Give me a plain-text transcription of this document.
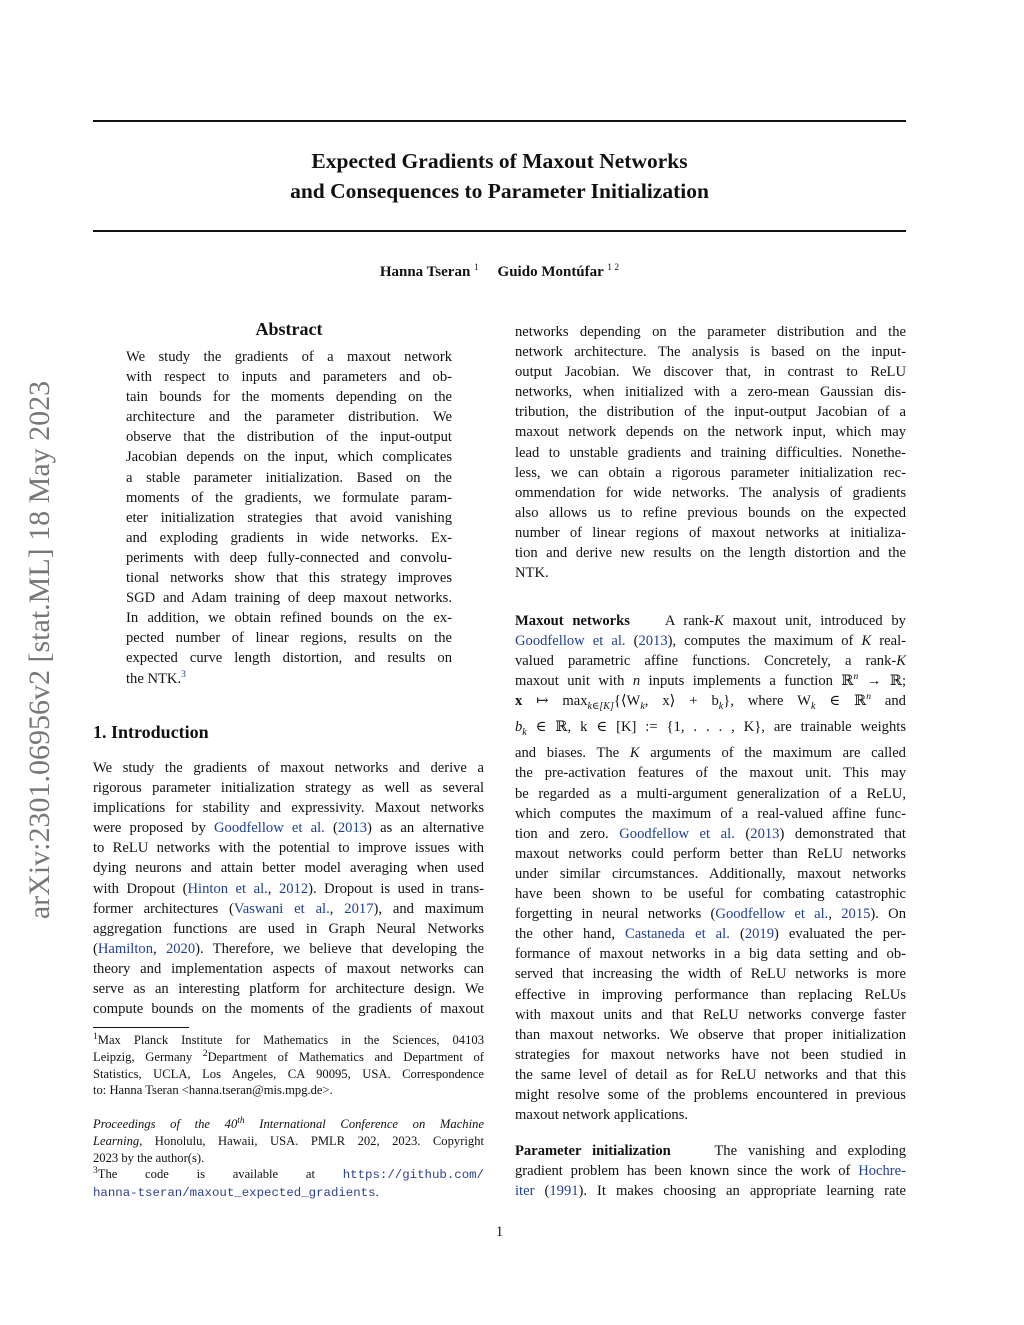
arXiv:2301.06956v2 [stat.ML] 18 May 2023
Expected Gradients of Maxout Networks
and Consequences to Parameter Initialization
Hanna Tseran $^1$ Guido Montúfar $^{1 2}$
Abstract
We study the gradients of a maxout network
with respect to inputs and parameters and ob-
tain bounds for the moments depending on the
architecture and the parameter distribution. We
observe that the distribution of the input-output
Jacobian depends on the input, which complicates
a stable parameter initialization. Based on the
moments of the gradients, we formulate param-
eter initialization strategies that avoid vanishing
and exploding gradients in wide networks. Ex-
periments with deep fully-connected and convolu-
tional networks show that this strategy improves
SGD and Adam training of deep maxout networks.
In addition, we obtain refined bounds on the ex-
pected number of linear regions, results on the
expected curve length distortion, and results on
the NTK.$^3$
1. Introduction
We study the gradients of maxout networks and derive a
rigorous parameter initialization strategy as well as several
implications for stability and expressivity. Maxout networks
were proposed by Goodfellow et al. (2013) as an alternative
to ReLU networks with the potential to improve issues with
dying neurons and attain better model averaging when used
with Dropout (Hinton et al., 2012). Dropout is used in trans-
former architectures (Vaswani et al., 2017), and maximum
aggregation functions are used in Graph Neural Networks
(Hamilton, 2020). Therefore, we believe that developing the
theory and implementation aspects of maxout networks can
serve as an interesting platform for architecture design. We
compute bounds on the moments of the gradients of maxout
$^1$Max Planck Institute for Mathematics in the Sciences, 04103
Leipzig, Germany $^2$Department of Mathematics and Department of
Statistics, UCLA, Los Angeles, CA 90095, USA. Correspondence
to: Hanna Tseran <hanna.tseran@mis.mpg.de>.
Proceedings of the 40th International Conference on Machine
Learning, Honolulu, Hawaii, USA. PMLR 202, 2023. Copyright
2023 by the author(s).
$^3$The code is available at https://github.com/
hanna-tseran/maxout_expected_gradients.
networks depending on the parameter distribution and the
network architecture. The analysis is based on the input-
output Jacobian. We discover that, in contrast to ReLU
networks, when initialized with a zero-mean Gaussian dis-
tribution, the distribution of the input-output Jacobian of a
maxout network depends on the network input, which may
lead to unstable gradients and training difficulties. Nonethe-
less, we can obtain a rigorous parameter initialization rec-
ommendation for wide networks. The analysis of gradients
also allows us to refine previous bounds on the expected
number of linear regions of maxout networks at initializa-
tion and derive new results on the length distortion and the
NTK.
Maxout networks A rank-K maxout unit, introduced by
Goodfellow et al. (2013), computes the maximum of K real-
valued parametric affine functions. Concretely, a rank-K
maxout unit with n inputs implements a function ℝ$^n$ → ℝ;
x ↦ $\max_{k\in[K]}\{⟨W_k$, x⟩ + $b_k$}, where $W_k$ ∈ ℝ$^n$ and
$b_k$ ∈ ℝ, k ∈ [K] := {1, . . . , K}, are trainable weights
and biases. The K arguments of the maximum are called
the pre-activation features of the maxout unit. This may
be regarded as a multi-argument generalization of a ReLU,
which computes the maximum of a real-valued affine func-
tion and zero. Goodfellow et al. (2013) demonstrated that
maxout networks could perform better than ReLU networks
under similar circumstances. Additionally, maxout networks
have been shown to be useful for combating catastrophic
forgetting in neural networks (Goodfellow et al., 2015). On
the other hand, Castaneda et al. (2019) evaluated the per-
formance of maxout networks in a big data setting and ob-
served that increasing the width of ReLU networks is more
effective in improving performance than replacing ReLUs
with maxout units and that ReLU networks converge faster
than maxout networks. We observe that proper initialization
strategies for maxout networks have not been studied in
the same level of detail as for ReLU networks and that this
might resolve some of the problems encountered in previous
maxout network applications.
Parameter initialization	The vanishing and exploding
gradient problem has been known since the work of Hochre-
iter (1991). It makes choosing an appropriate learning rate
1
